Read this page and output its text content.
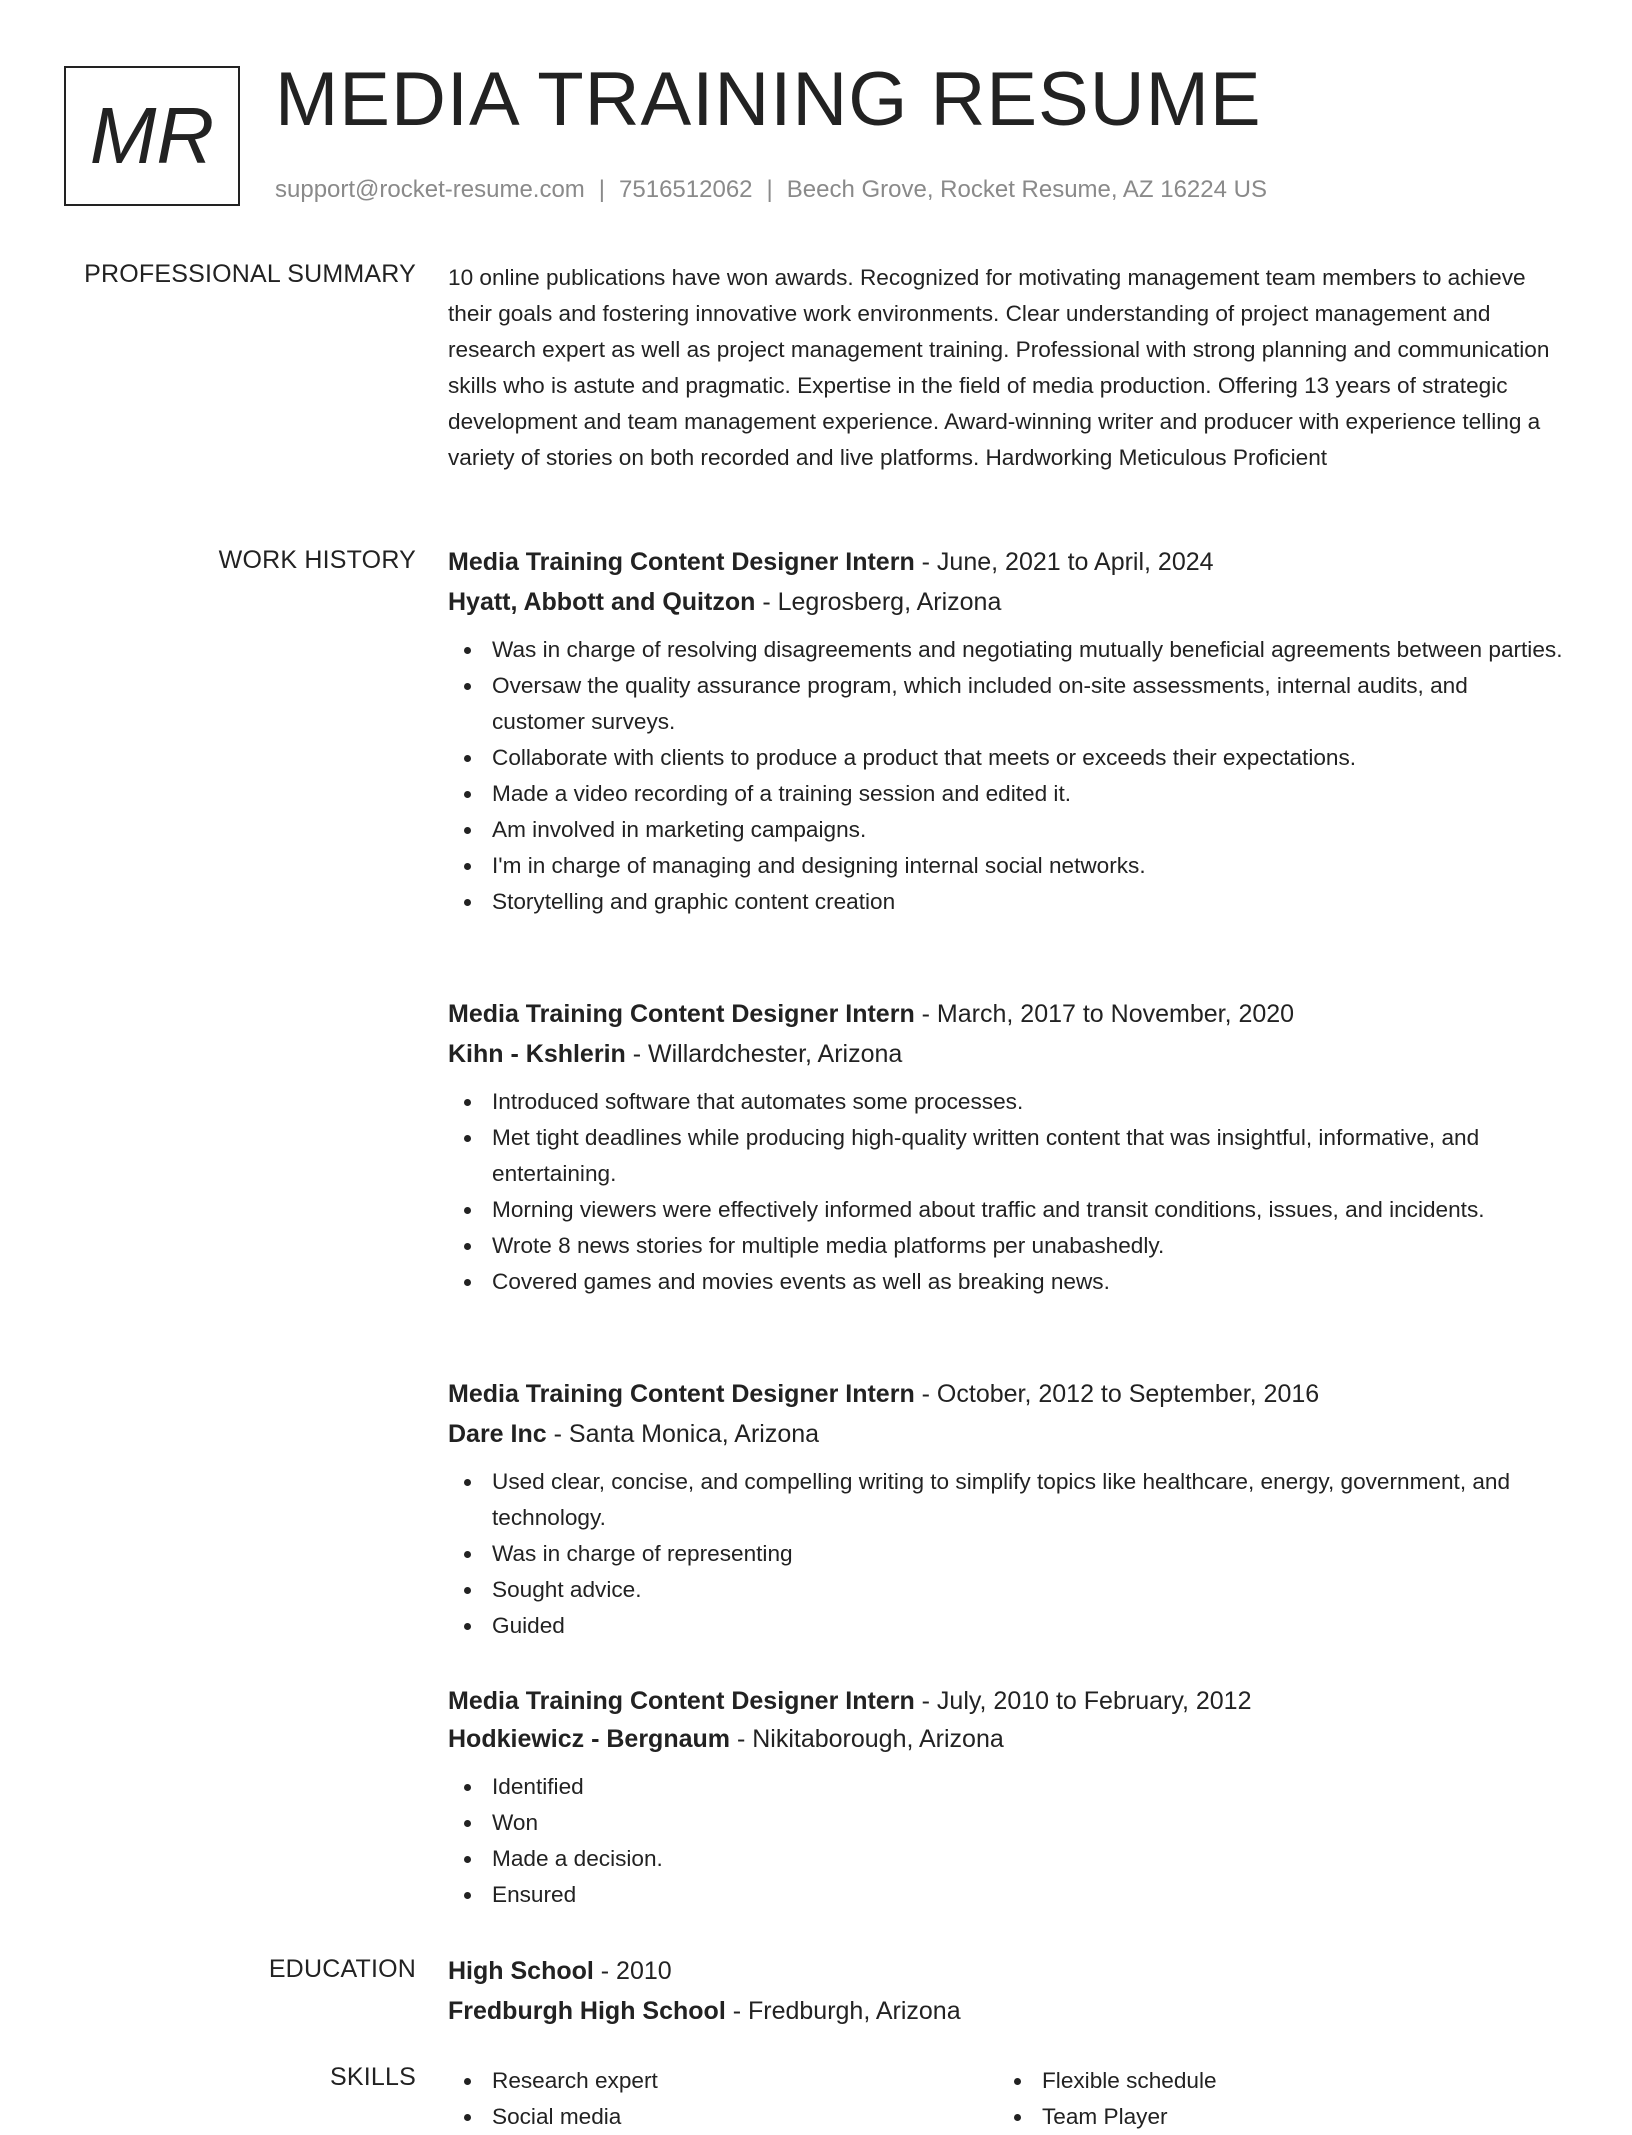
MR MEDIA TRAINING RESUME
support@rocket-resume.com | 7516512062 | Beech Grove, Rocket Resume, AZ 16224 US
PROFESSIONAL SUMMARY 10 online publications have won awards. Recognized for motivating management team members to achieve their goals and fostering innovative work environments. Clear understanding of project management and research expert as well as project management training. Professional with strong planning and communication skills who is astute and pragmatic. Expertise in the field of media production. Offering 13 years of strategic development and team management experience. Award-winning writer and producer with experience telling a variety of stories on both recorded and live platforms. Hardworking Meticulous Proficient

WORK HISTORY Media Training Content Designer Intern - June, 2021 to April, 2024
Hyatt, Abbott and Quitzon - Legrosberg, Arizona
Was in charge of resolving disagreements and negotiating mutually beneficial agreements between parties.
Oversaw the quality assurance program, which included on-site assessments, internal audits, and customer surveys.
Collaborate with clients to produce a product that meets or exceeds their expectations.
Made a video recording of a training session and edited it.
Am involved in marketing campaigns.
I'm in charge of managing and designing internal social networks.
Storytelling and graphic content creation
Media Training Content Designer Intern - March, 2017 to November, 2020
Kihn - Kshlerin - Willardchester, Arizona
Introduced software that automates some processes.
Met tight deadlines while producing high-quality written content that was insightful, informative, and entertaining.
Morning viewers were effectively informed about traffic and transit conditions, issues, and incidents.
Wrote 8 news stories for multiple media platforms per unabashedly.
Covered games and movies events as well as breaking news.
Media Training Content Designer Intern - October, 2012 to September, 2016
Dare Inc - Santa Monica, Arizona
Used clear, concise, and compelling writing to simplify topics like healthcare, energy, government, and technology.
Was in charge of representing
Sought advice.
Guided
Media Training Content Designer Intern - July, 2010 to February, 2012
Hodkiewicz - Bergnaum - Nikitaborough, Arizona
Identified
Won
Made a decision.
Ensured
EDUCATION High School - 2010
Fredburgh High School - Fredburgh, Arizona
SKILLS	Research expert
Social media
Flexible schedule
Team Player
